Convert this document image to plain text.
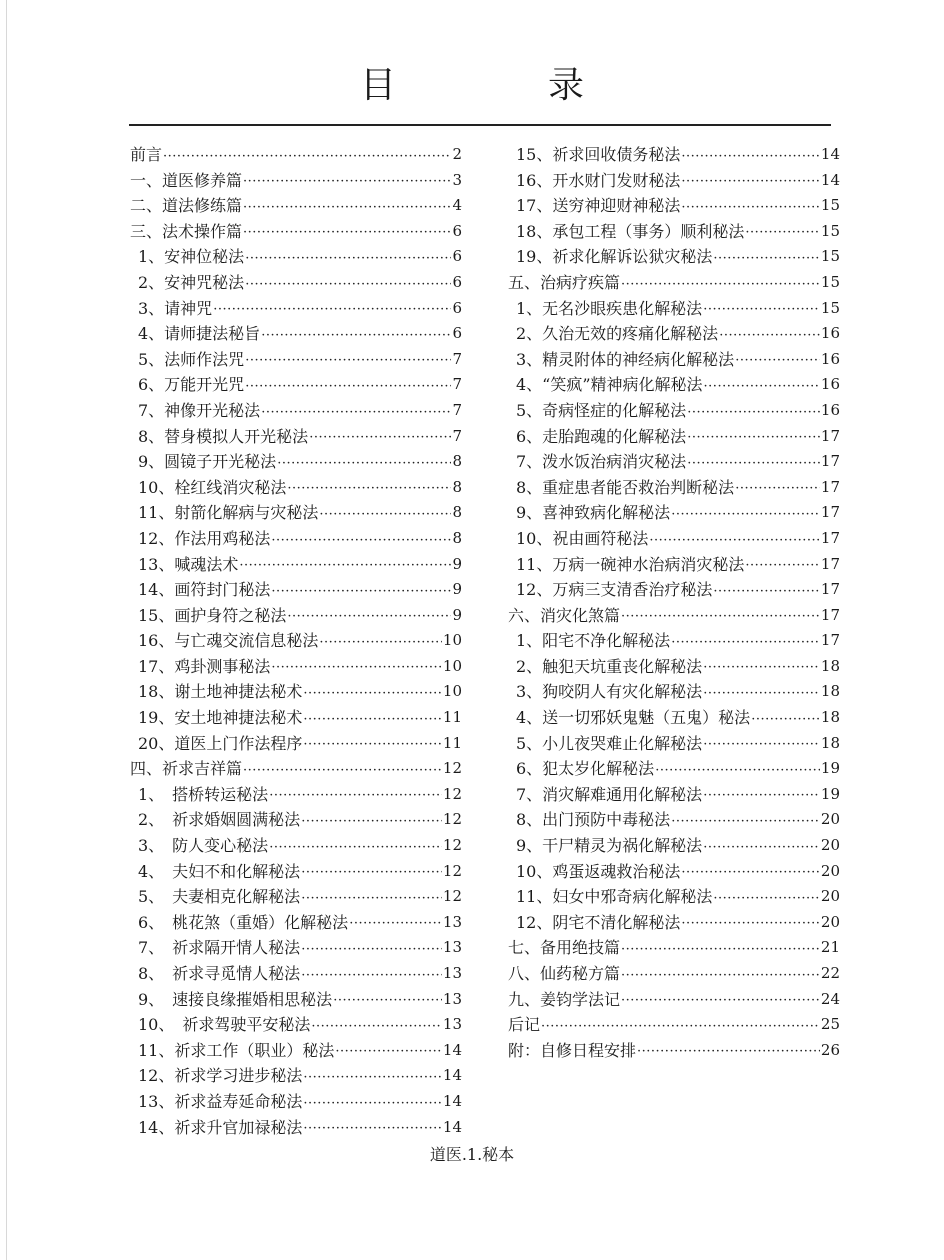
目　录
前言 ·····	2
一、道医修养篇 ·····	3
二、道法修练篇 ·····	4
三、法术操作篇 ·····	6
1、安神位秘法 ·····	6
2、安神咒秘法 ·····	6
3、请神咒 ·····	6
4、请师捷法秘旨 ·····	6
5、法师作法咒 ·····	7
6、万能开光咒 ·····	7
7、神像开光秘法 ·····	7
8、替身模拟人开光秘法 ·····	7
9、圆镜子开光秘法 ·····	8
10、栓红线消灾秘法 ·····	8
11、射箭化解病与灾秘法 ·····	8
12、作法用鸡秘法 ·····	8
13、喊魂法术 ·····	9
14、画符封门秘法 ·····	9
15、画护身符之秘法 ·····	9
16、与亡魂交流信息秘法 ·····	10
17、鸡卦测事秘法 ·····	10
18、谢土地神捷法秘术 ·····	10
19、安土地神捷法秘术 ·····	11
20、道医上门作法程序 ·····	11
四、祈求吉祥篇 ·····	12
1、　搭桥转运秘法 ·····	12
2、　祈求婚姻圆满秘法 ·····	12
3、　防人变心秘法 ·····	12
4、　夫妇不和化解秘法 ·····	12
5、　夫妻相克化解秘法 ·····	12
6、　桃花煞（重婚）化解秘法 ·····	13
7、　祈求隔开情人秘法 ·····	13
8、　祈求寻觅情人秘法 ·····	13
9、　速接良缘摧婚相思秘法 ·····	13
10、　祈求驾驶平安秘法 ·····	13
11、祈求工作（职业）秘法 ·····	14
12、祈求学习进步秘法 ·····	14
13、祈求益寿延命秘法 ·····	14
14、祈求升官加禄秘法 ·····	14
15、祈求回收债务秘法 ·····	14
16、开水财门发财秘法 ·····	14
17、送穷神迎财神秘法 ·····	15
18、承包工程（事务）顺利秘法 ·····	15
19、祈求化解诉讼狱灾秘法 ·····	15
五、治病疗疾篇 ·····	15
1、无名沙眼疾患化解秘法 ·····	15
2、久治无效的疼痛化解秘法 ·····	16
3、精灵附体的神经病化解秘法 ·····	16
4、“笑疯”精神病化解秘法 ·····	16
5、奇病怪症的化解秘法 ·····	16
6、走胎跑魂的化解秘法 ·····	17
7、泼水饭治病消灾秘法 ·····	17
8、重症患者能否救治判断秘法 ·····	17
9、喜神致病化解秘法 ·····	17
10、祝由画符秘法 ·····	17
11、万病一碗神水治病消灾秘法 ·····	17
12、万病三支清香治疗秘法 ·····	17
六、消灾化煞篇 ·····	17
1、阳宅不净化解秘法 ·····	17
2、触犯天坑重丧化解秘法 ·····	18
3、狗咬阴人有灾化解秘法 ·····	18
4、送一切邪妖鬼魅（五鬼）秘法 ·····	18
5、小儿夜哭难止化解秘法 ·····	18
6、犯太岁化解秘法 ·····	19
7、消灾解难通用化解秘法 ·····	19
8、出门预防中毒秘法 ·····	20
9、干尸精灵为祸化解秘法 ·····	20
10、鸡蛋返魂救治秘法 ·····	20
11、妇女中邪奇病化解秘法 ·····	20
12、阴宅不清化解秘法 ·····	20
七、备用绝技篇 ·····	21
八、仙药秘方篇 ·····	22
九、姜钧学法记 ·····	24
后记 ·····	25
附：自修日程安排 ·····	26
道医.1.秘本
